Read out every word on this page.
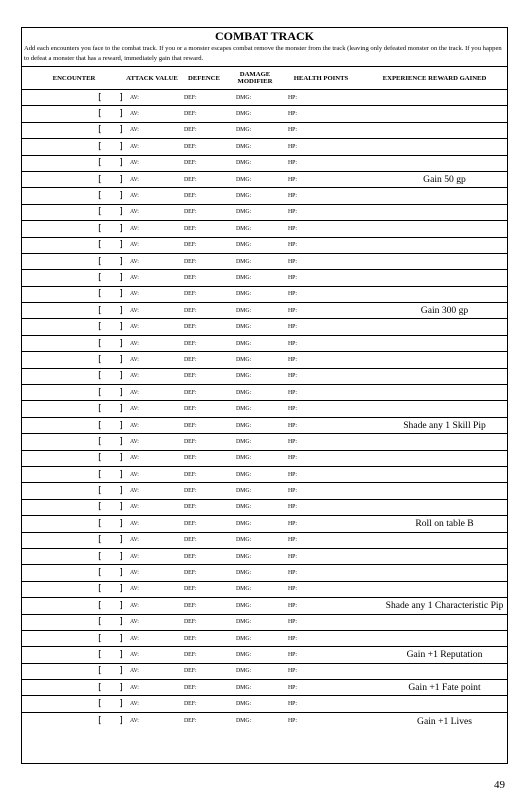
COMBAT TRACK
Add each encounters you face to the combat track. If you or a monster escapes combat remove the monster from the track (leaving only defeated monster on the track. If you happen to defeat a monster that has a reward, immediately gain that reward.
ENCOUNTER	ATTACK VALUE	DEFENCE	DAMAGE MODIFIER	HEALTH POINTS	EXPERIENCE REWARD GAINED
[   ]	AV:	DEF:	DMG:	HP:
[   ]	AV:	DEF:	DMG:	HP:
[   ]	AV:	DEF:	DMG:	HP:
[   ]	AV:	DEF:	DMG:	HP:
[   ]	AV:	DEF:	DMG:	HP:
[   ]	AV:	DEF:	DMG:	HP:	Gain 50 gp
[   ]	AV:	DEF:	DMG:	HP:
[   ]	AV:	DEF:	DMG:	HP:
[   ]	AV:	DEF:	DMG:	HP:
[   ]	AV:	DEF:	DMG:	HP:
[   ]	AV:	DEF:	DMG:	HP:
[   ]	AV:	DEF:	DMG:	HP:
[   ]	AV:	DEF:	DMG:	HP:
[   ]	AV:	DEF:	DMG:	HP:	Gain 300 gp
[   ]	AV:	DEF:	DMG:	HP:
[   ]	AV:	DEF:	DMG:	HP:
[   ]	AV:	DEF:	DMG:	HP:
[   ]	AV:	DEF:	DMG:	HP:
[   ]	AV:	DEF:	DMG:	HP:
[   ]	AV:	DEF:	DMG:	HP:
[   ]	AV:	DEF:	DMG:	HP:	Shade any 1 Skill Pip
[   ]	AV:	DEF:	DMG:	HP:
[   ]	AV:	DEF:	DMG:	HP:
[   ]	AV:	DEF:	DMG:	HP:
[   ]	AV:	DEF:	DMG:	HP:
[   ]	AV:	DEF:	DMG:	HP:
[   ]	AV:	DEF:	DMG:	HP:	Roll on table B
[   ]	AV:	DEF:	DMG:	HP:
[   ]	AV:	DEF:	DMG:	HP:
[   ]	AV:	DEF:	DMG:	HP:
[   ]	AV:	DEF:	DMG:	HP:
[   ]	AV:	DEF:	DMG:	HP:	Shade any 1 Characteristic Pip
[   ]	AV:	DEF:	DMG:	HP:
[   ]	AV:	DEF:	DMG:	HP:
[   ]	AV:	DEF:	DMG:	HP:	Gain +1 Reputation
[   ]	AV:	DEF:	DMG:	HP:
[   ]	AV:	DEF:	DMG:	HP:	Gain +1 Fate point
[   ]	AV:	DEF:	DMG:	HP:
[   ]	AV:	DEF:	DMG:	HP:	Gain +1 Lives
49
